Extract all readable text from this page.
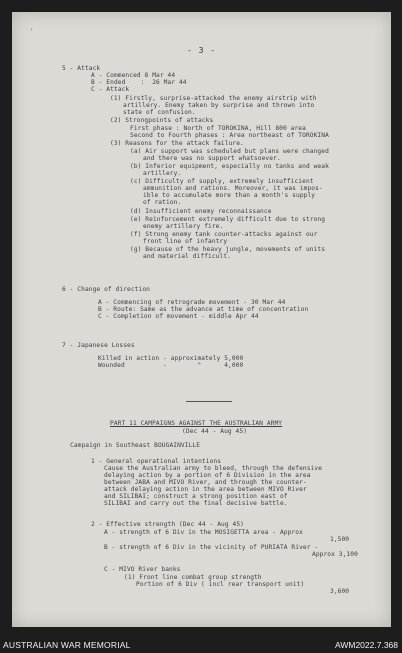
'
- 3 -
5 - Attack
A - Commenced 8 Mar 44
B - Ended    :  26 Mar 44
C - Attack
(1) Firstly, surprise-attacked the enemy airstrip with
artillery. Enemy taken by surprise and thrown into
state of confusion.
(2) Strongpoints of attacks
First phase : North of TOROKINA, Hill 800 area
Second to Fourth phases : Area northeast of TOROKINA
(3) Reasons for the attack failure.
(a) Air support was scheduled but plans were changed
and there was no support whatsoever.
(b) Inferior equipment, especially no tanks and weak
artillery.
(c) Difficulty of supply, extremely insufficient
ammunition and rations. Moreover, it was impos-
ible to accumulate more than a month's supply
of ration.
(d) Insufficient enemy reconnaissance
(e) Reinforcement extremely difficult due to strong
enemy artillery fire.
(f) Strong enemy tank counter-attacks against our
front line of infantry
(g) Because of the heavy jungle, movements of units
and material difficult.
6 - Change of direction
A - Commencing of retrograde movement - 30 Mar 44
B - Route: Same as the advance at time of concentration
C - Completion of movement - middle Apr 44
7 - Japanese Losses
Killed in action - approximately 5,000
Wounded          -        "      4,000
PART 11 CAMPAIGNS AGAINST THE AUSTRALIAN ARMY
(Dec 44 - Aug 45)
Campaign in Southeast BOUGAINVILLE
1 - General operational intentions
Cause the Australian army to bleed, through the defensive
delaying action by a portion of 6 Division in the area
between JABA and MIVO River, and through the counter-
attack delaying action in the area between MIVO River
and SILIBAI; construct a strong position east of
SILIBAI and carry out the final decisive battle.
2 - Effective strength (Dec 44 - Aug 45)
A - strength of 6 Div in the MOSIGETTA area - Approx
1,500
B - strength of 6 Div in the vicinity of PURIATA River -
Approx 3,100
C - MIVO River banks
(1) Front line combat group strength
Portion of 6 Div ( incl rear transport unit)
3,600
AUSTRALIAN WAR MEMORIAL	AWM2022.7.368
